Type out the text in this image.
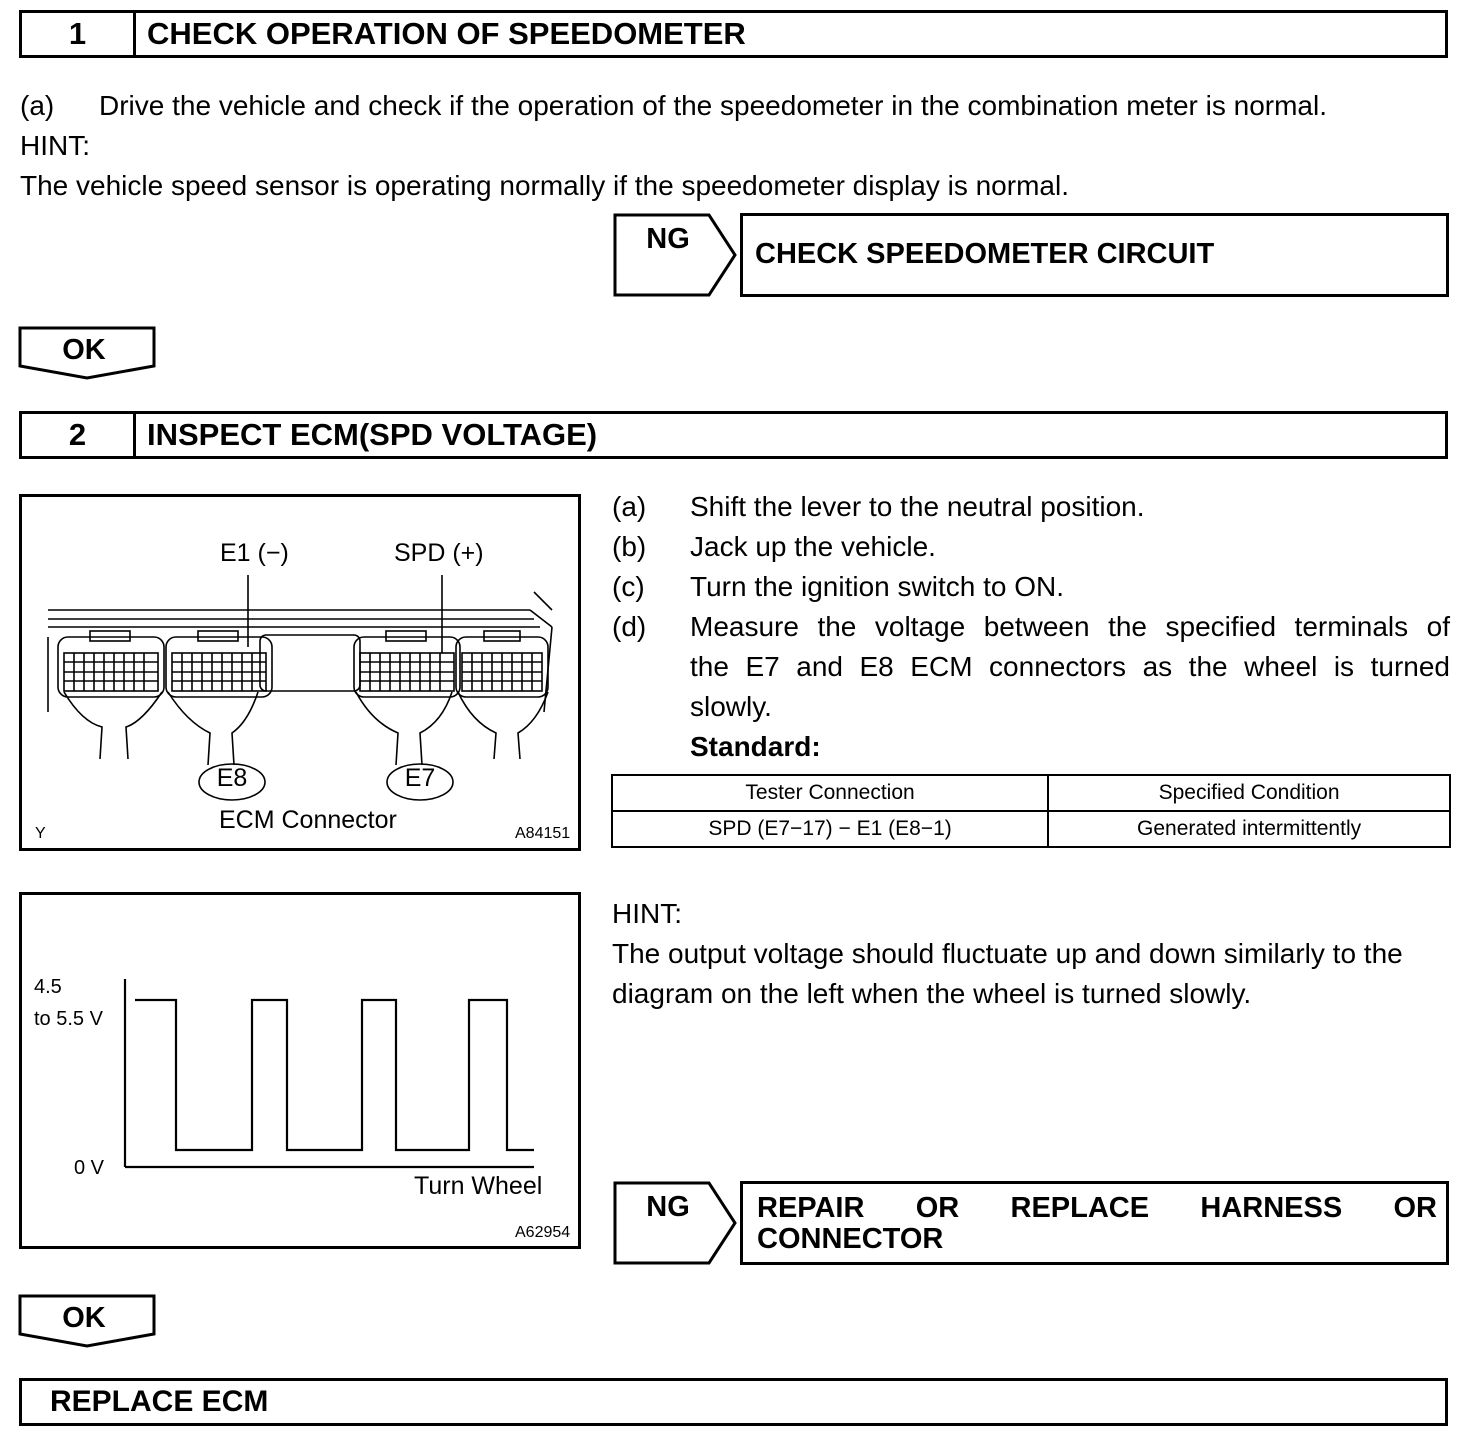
1	CHECK OPERATION OF SPEEDOMETER
(a) Drive the vehicle and check if the operation of the speedometer in the combination meter is normal.
HINT:
The vehicle speed sensor is operating normally if the speedometer display is normal.
NG	CHECK SPEEDOMETER CIRCUIT
OK
2	INSPECT ECM(SPD VOLTAGE)
E1 (−)	SPD (+)
E8	E7
ECM Connector
Y	A84151
(a) Shift the lever to the neutral position.
(b) Jack up the vehicle.
(c) Turn the ignition switch to ON.
(d) Measure the voltage between the specified terminals of
the E7 and E8 ECM connectors as the wheel is turned
slowly.
Standard:
Tester Connection	Specified Condition
SPD (E7−17) − E1 (E8−1)	Generated intermittently
4.5
to 5.5 V
0 V
Turn Wheel
A62954
HINT:
The output voltage should fluctuate up and down similarly to the
diagram on the left when the wheel is turned slowly.
NG	REPAIR OR REPLACE HARNESS OR
CONNECTOR
OK
REPLACE ECM
